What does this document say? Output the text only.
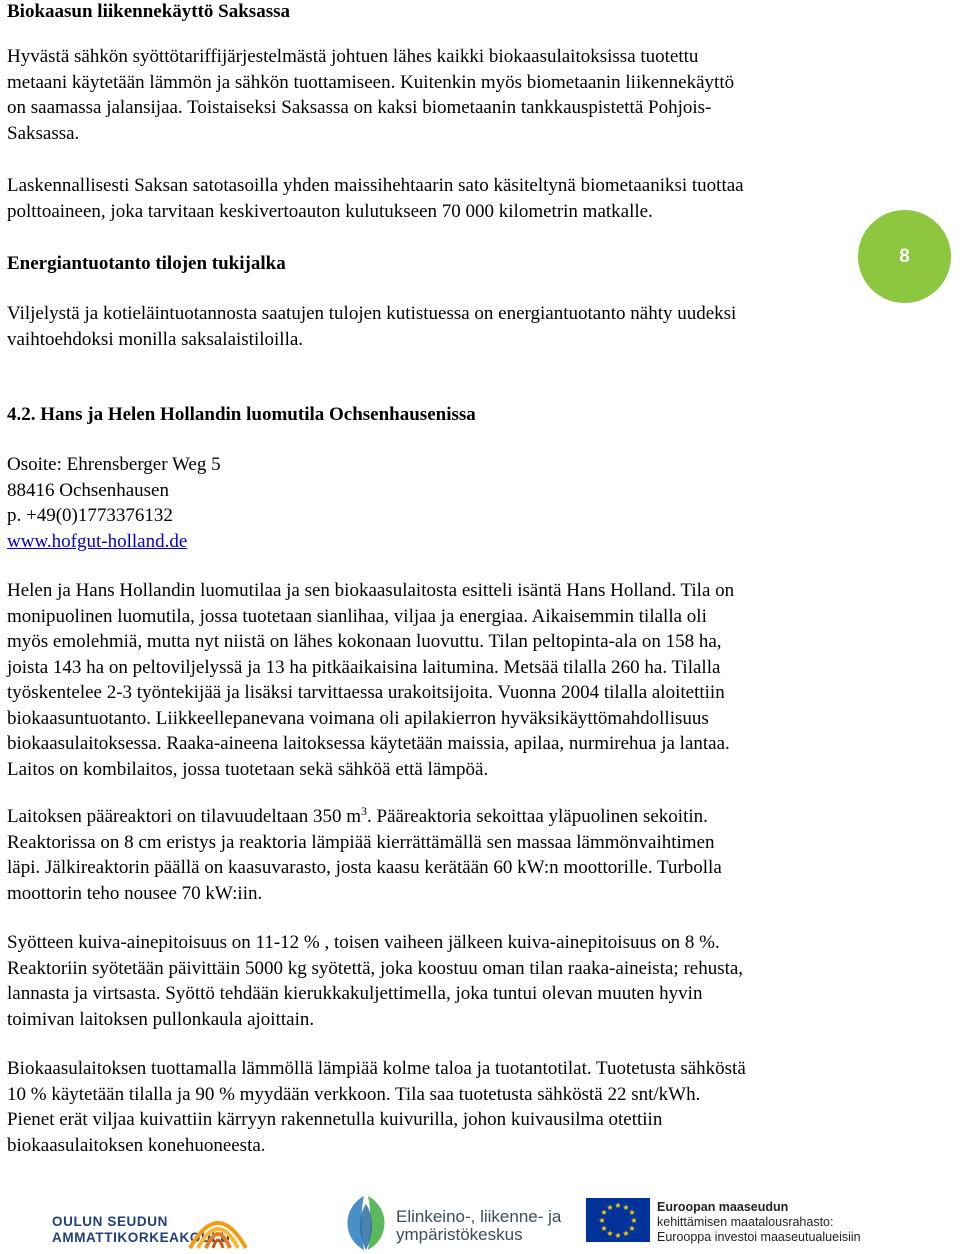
Biokaasun liikennekäyttö Saksassa
Hyvästä sähkön syöttötariffijärjestelmästä johtuen lähes kaikki biokaasulaitoksissa tuotettu
metaani käytetään lämmön ja sähkön tuottamiseen. Kuitenkin myös biometaanin liikennekäyttö
on saamassa jalansijaa. Toistaiseksi Saksassa on kaksi biometaanin tankkauspistettä Pohjois-
Saksassa.
Laskennallisesti Saksan satotasoilla yhden maissihehtaarin sato käsiteltynä biometaaniksi tuottaa
polttoaineen, joka tarvitaan keskivertoauton kulutukseen 70 000 kilometrin matkalle.
Energiantuotanto tilojen tukijalka
Viljelystä ja kotieläintuotannosta saatujen tulojen kutistuessa on energiantuotanto nähty uudeksi
vaihtoehdoksi monilla saksalaistiloilla.
4.2. Hans ja Helen Hollandin luomutila Ochsenhausenissa
Osoite: Ehrensberger Weg 5
88416 Ochsenhausen
p. +49(0)1773376132
www.hofgut-holland.de
Helen ja Hans Hollandin luomutilaa ja sen biokaasulaitosta esitteli isäntä Hans Holland. Tila on
monipuolinen luomutila, jossa tuotetaan sianlihaa, viljaa ja energiaa. Aikaisemmin tilalla oli
myös emolehmiä, mutta nyt niistä on lähes kokonaan luovuttu. Tilan peltopinta-ala on 158 ha,
joista 143 ha on peltoviljelyssä ja 13 ha pitkäaikaisina laitumina. Metsää tilalla 260 ha. Tilalla
työskentelee 2-3 työntekijää ja lisäksi tarvittaessa urakoitsijoita. Vuonna 2004 tilalla aloitettiin
biokaasuntuotanto. Liikkeellepanevana voimana oli apilakierron hyväksikäyttömahdollisuus
biokaasulaitoksessa. Raaka-aineena laitoksessa käytetään maissia, apilaa, nurmirehua ja lantaa.
Laitos on kombilaitos, jossa tuotetaan sekä sähköä että lämpöä.
Laitoksen pääreaktori on tilavuudeltaan 350 $m^3$. Pääreaktoria sekoittaa yläpuolinen sekoitin.
Reaktorissa on 8 cm eristys ja reaktoria lämpiää kierrättämällä sen massaa lämmönvaihtimen
läpi. Jälkireaktorin päällä on kaasuvarasto, josta kaasu kerätään 60 kW:n moottorille. Turbolla
moottorin teho nousee 70 kW:iin.
Syötteen kuiva-ainepitoisuus on 11-12 % , toisen vaiheen jälkeen kuiva-ainepitoisuus on 8 %.
Reaktoriin syötetään päivittäin 5000 kg syötettä, joka koostuu oman tilan raaka-aineista; rehusta,
lannasta ja virtsasta. Syöttö tehdään kierukkakuljettimella, joka tuntui olevan muuten hyvin
toimivan laitoksen pullonkaula ajoittain.
Biokaasulaitoksen tuottamalla lämmöllä lämpiää kolme taloa ja tuotantotilat. Tuotetusta sähköstä
10 % käytetään tilalla ja 90 % myydään verkkoon. Tila saa tuotetusta sähköstä 22 snt/kWh.
Pienet erät viljaa kuivattiin kärryyn rakennetulla kuivurilla, johon kuivausilma otettiin
biokaasulaitoksen konehuoneesta.
8
OULUN SEUDUN
AMMATTIKORKEAKOULU
Elinkeino-, liikenne- ja
ympäristökeskus
★ ★
★
★
★
★
★
★
★
★
★
★	Euroopan maaseudun
kehittämisen maatalousrahasto:
Eurooppa investoi maaseutualueisiin
